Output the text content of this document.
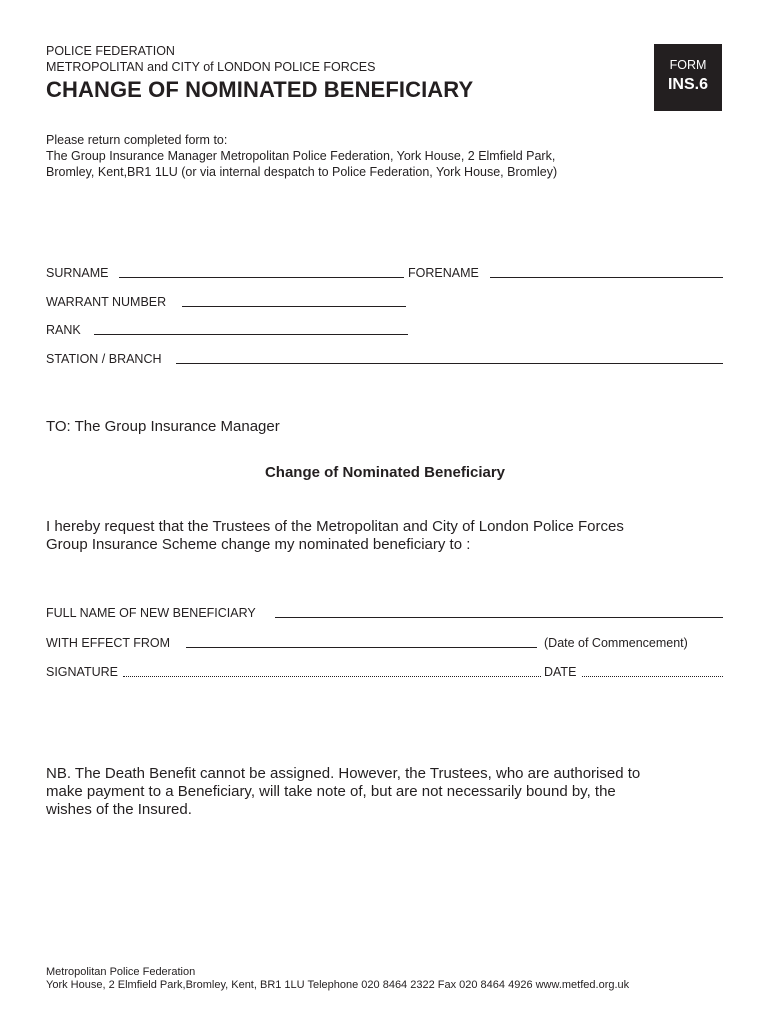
POLICE FEDERATION
METROPOLITAN and CITY of LONDON POLICE FORCES
CHANGE OF NOMINATED BENEFICIARY
FORM
INS.6
Please return completed form to:
The Group Insurance Manager Metropolitan Police Federation, York House, 2 Elmfield Park,
Bromley, Kent,BR1 1LU (or via internal despatch to Police Federation, York House, Bromley)
SURNAME	FORENAME
WARRANT NUMBER
RANK
STATION / BRANCH
TO: The Group Insurance Manager
Change of Nominated Beneficiary
I hereby request that the Trustees of the Metropolitan and City of London Police Forces
Group Insurance Scheme change my nominated beneficiary to :
FULL NAME OF NEW BENEFICIARY
WITH EFFECT FROM	(Date of Commencement)
SIGNATURE	DATE
NB. The Death Benefit cannot be assigned. However, the Trustees, who are authorised to
make payment to a Beneficiary, will take note of, but are not necessarily bound by, the
wishes of the Insured.
Metropolitan Police Federation
York House, 2 Elmfield Park,Bromley, Kent, BR1 1LU Telephone 020 8464 2322 Fax 020 8464 4926 www.metfed.org.uk
